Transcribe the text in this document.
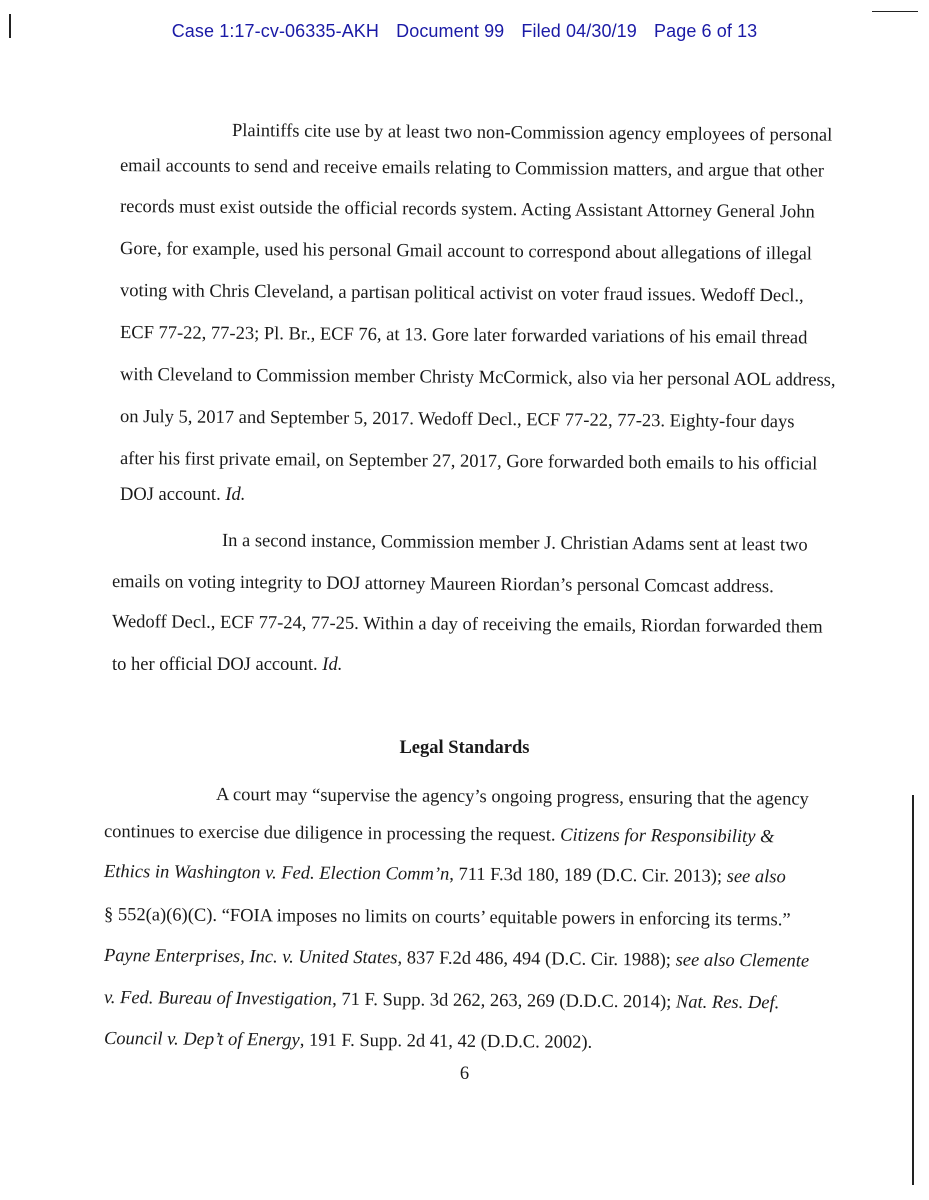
Case 1:17-cv-06335-AKH Document 99 Filed 04/30/19 Page 6 of 13
Plaintiffs cite use by at least two non-Commission agency employees of personal
email accounts to send and receive emails relating to Commission matters, and argue that other
records must exist outside the official records system. Acting Assistant Attorney General John
Gore, for example, used his personal Gmail account to correspond about allegations of illegal
voting with Chris Cleveland, a partisan political activist on voter fraud issues. Wedoff Decl.,
ECF 77-22, 77-23; Pl. Br., ECF 76, at 13. Gore later forwarded variations of his email thread
with Cleveland to Commission member Christy McCormick, also via her personal AOL address,
on July 5, 2017 and September 5, 2017. Wedoff Decl., ECF 77-22, 77-23. Eighty-four days
after his first private email, on September 27, 2017, Gore forwarded both emails to his official
DOJ account. Id.
In a second instance, Commission member J. Christian Adams sent at least two
emails on voting integrity to DOJ attorney Maureen Riordan’s personal Comcast address.
Wedoff Decl., ECF 77-24, 77-25. Within a day of receiving the emails, Riordan forwarded them
to her official DOJ account. Id.
Legal Standards
A court may “supervise the agency’s ongoing progress, ensuring that the agency
continues to exercise due diligence in processing the request. Citizens for Responsibility &
Ethics in Washington v. Fed. Election Comm’n, 711 F.3d 180, 189 (D.C. Cir. 2013); see also
§ 552(a)(6)(C). “FOIA imposes no limits on courts’ equitable powers in enforcing its terms.”
Payne Enterprises, Inc. v. United States, 837 F.2d 486, 494 (D.C. Cir. 1988); see also Clemente
v. Fed. Bureau of Investigation, 71 F. Supp. 3d 262, 263, 269 (D.D.C. 2014); Nat. Res. Def.
Council v. Dep’t of Energy, 191 F. Supp. 2d 41, 42 (D.D.C. 2002).
6
